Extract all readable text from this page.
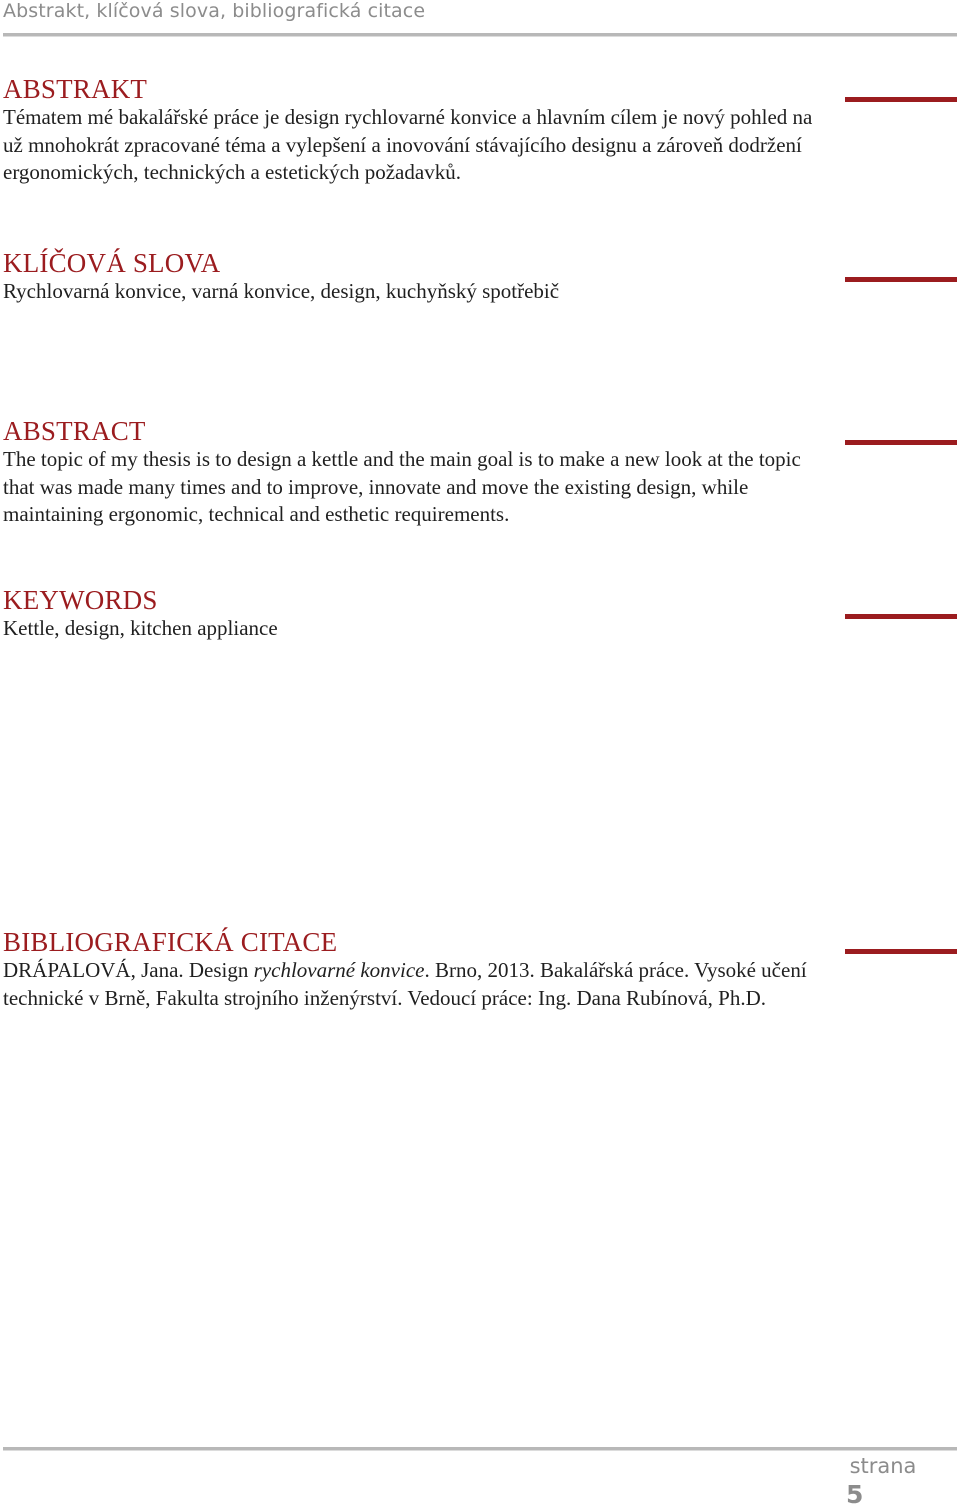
Abstrakt, klíčová slova, bibliografická citace
ABSTRAKT

Tématem mé bakalářské práce je design rychlovarné konvice a hlavním cílem je nový pohled na už mnohokrát zpracované téma a vylepšení a inovování stávajícího designu a zároveň dodržení ergonomických, technických a estetických požadavků.

KLÍČOVÁ SLOVA

Rychlovarná konvice, varná konvice, design, kuchyňský spotřebič

ABSTRACT

The topic of my thesis is to design a kettle and the main goal is to make a new look at the topic that was made many times and to improve, innovate and move the existing design, while maintaining ergonomic, technical and esthetic requirements.

KEYWORDS

Kettle, design, kitchen appliance

BIBLIOGRAFICKÁ CITACE

DRÁPALOVÁ, Jana. Design rychlovarné konvice. Brno, 2013. Bakalářská práce. Vysoké učení technické v Brně, Fakulta strojního inženýrství. Vedoucí práce: Ing. Dana Rubínová, Ph.D.

strana
5
